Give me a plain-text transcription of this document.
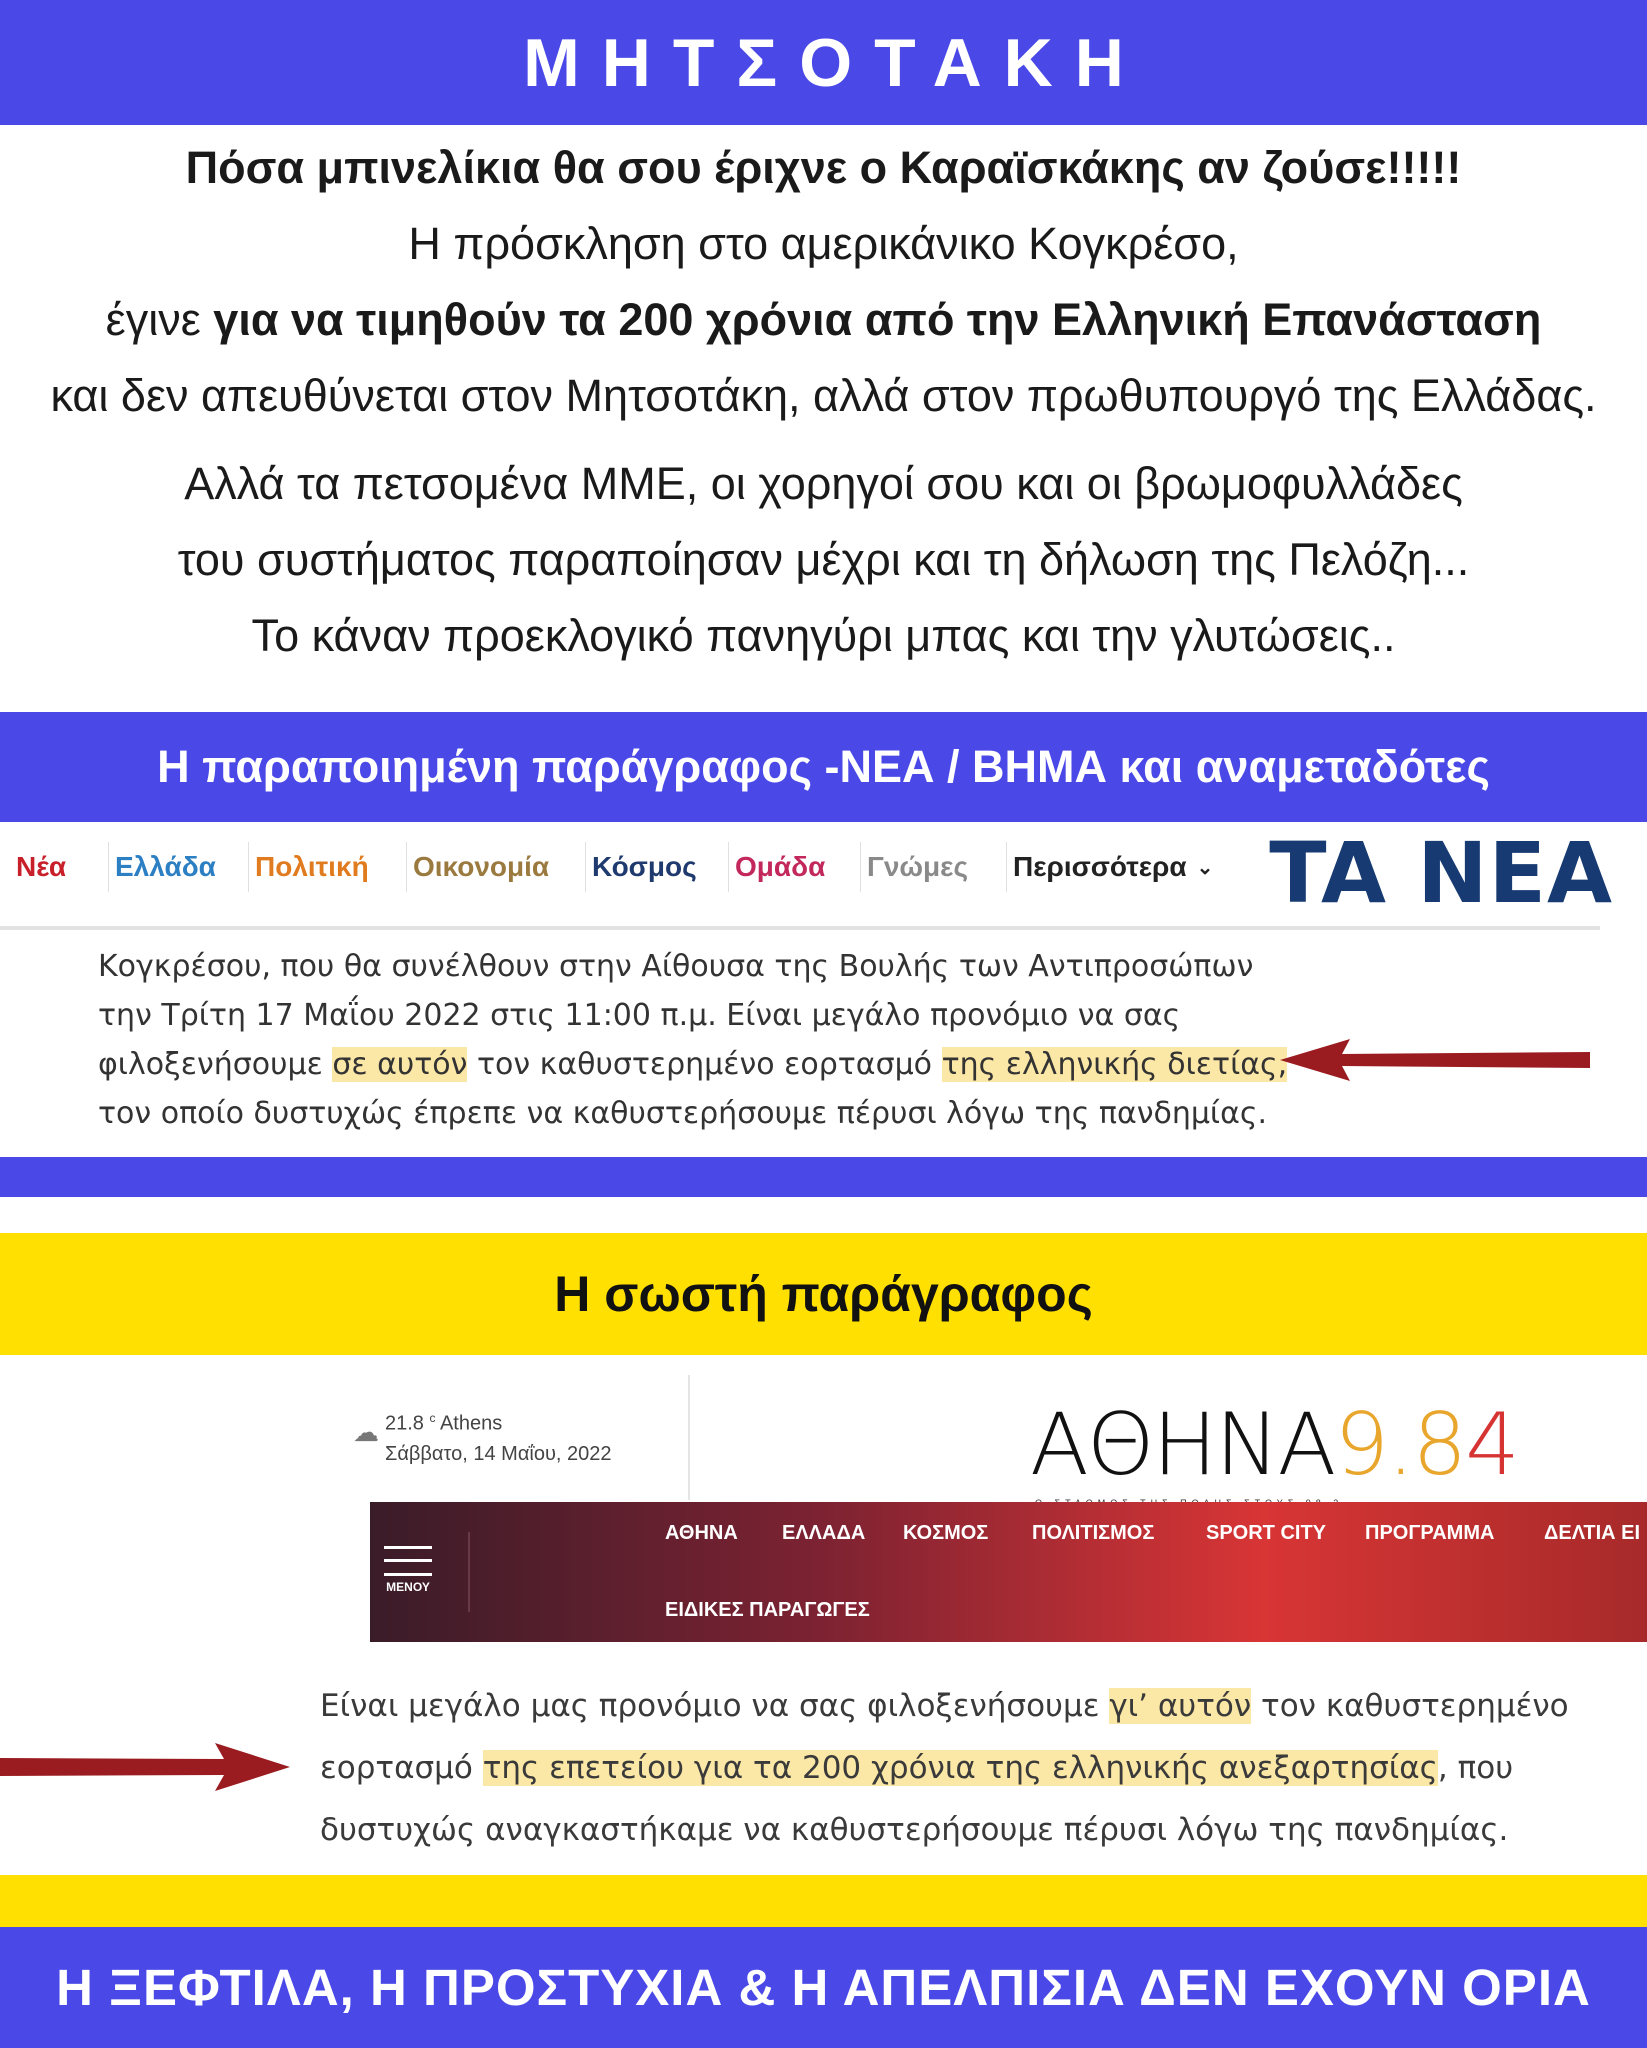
ΜΗΤΣΟΤΑΚΗ

Πόσα μπινελίκια θα σου έριχνε ο Καραϊσκάκης αν ζούσε!!!!!

Η πρόσκληση στο αμερικάνικο Κογκρέσο,

έγινε για να τιμηθούν τα 200 χρόνια από την Ελληνική Επανάσταση

και δεν απευθύνεται στον Μητσοτάκη, αλλά στον πρωθυπουργό της Ελλάδας.

Αλλά τα πετσομένα ΜΜΕ, οι χορηγοί σου και οι βρωμοφυλλάδες

του συστήματος παραποίησαν μέχρι και τη δήλωση της Πελόζη...

Το κάναν προεκλογικό πανηγύρι μπας και την γλυτώσεις..

Η παραποιημένη παράγραφος -ΝΕΑ / ΒΗΜΑ και αναμεταδότες
Νέα Ελλάδα Πολιτική Οικονομία Κόσμος Ομάδα Γνώμες Περισσότερα ⌄ TA NEA

Κογκρέσου, που θα συνέλθουν στην Αίθουσα της Βουλής των Αντιπροσώπων

την Τρίτη 17 Μαΐου 2022 στις 11:00 π.μ. Είναι μεγάλο προνόμιο να σας

φιλοξενήσουμε σε αυτόν τον καθυστερημένο εορτασμό της ελληνικής διετίας,

τον οποίο δυστυχώς έπρεπε να καθυστερήσουμε πέρυσι λόγω της πανδημίας.

Η σωστή παράγραφος
☁ 21.8 $^c$ Athens
Σάββατο, 14 Μαΐου, 2022	ΑΘΗΝΑ9.84
ΜΕΝΟΥ
ΑΘΗΝΑ ΕΛΛΑΔΑ ΚΟΣΜΟΣ ΠΟΛΙΤΙΣΜΟΣ	SPORT CITY ΠΡΟΓΡΑΜΜΑ ΔΕΛΤΙΑ ΕΙ
ΕΙΔΙΚΕΣ ΠΑΡΑΓΩΓΕΣ

Είναι μεγάλο μας προνόμιο να σας φιλοξενήσουμε γι’ αυτόν τον καθυστερημένο

εορτασμό της επετείου για τα 200 χρόνια της ελληνικής ανεξαρτησίας, που

δυστυχώς αναγκαστήκαμε να καθυστερήσουμε πέρυσι λόγω της πανδημίας.

Η ΞΕΦΤΙΛΑ, Η ΠΡΟΣΤΥΧΙΑ & Η ΑΠΕΛΠΙΣΙΑ ΔΕΝ ΕΧΟΥΝ ΟΡΙΑ
